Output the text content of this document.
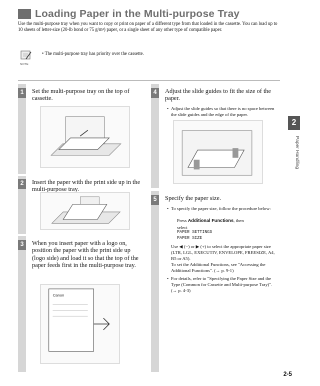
Loading Paper in the Multi-purpose Tray
Use the multi-purpose tray when you want to copy or print on paper of a different type from that loaded in the cassette. You can load up to 10 sheets of letter-size (20-lb bond or 75 g/m²) paper, or a single sheet of any other type of compatible paper.
NOTE
• The multi-purpose tray has priority over the cassette.
1	Set the multi-purpose tray on the top of cassette.
2	Insert the paper with the print side up in the multi-purpose tray.
3	When you insert paper with a logo on, position the paper with the print side up (logo side) and load it so that the top of the paper feeds first in the multi-purpose tray.
Canon
4	Adjust the slide guides to fit the size of the paper.
• Adjust the slide guides so that there is no space between the slide guides and the edge of the paper.
5	Specify the paper size.
• To specify the paper size, follow the procedure below:
Press Additional Functions, then
select
PAPER SETTINGS
PAPER SIZE
Use ◀ (−) or ▶ (+) to select the appropriate paper size (LTR, LGL, EXECUTIV, ENVELOPE, FREESIZE, A4, B5 or A5).
To set the Additional Functions, see "Accessing the Additional Functions". (→ p. 9-1)
• For details, refer to "Specifying the Paper Size and the Type (Common for Cassette and Multi-purpose Tray)". (→ p. 4-3)
2
Paper Handling
2-5
